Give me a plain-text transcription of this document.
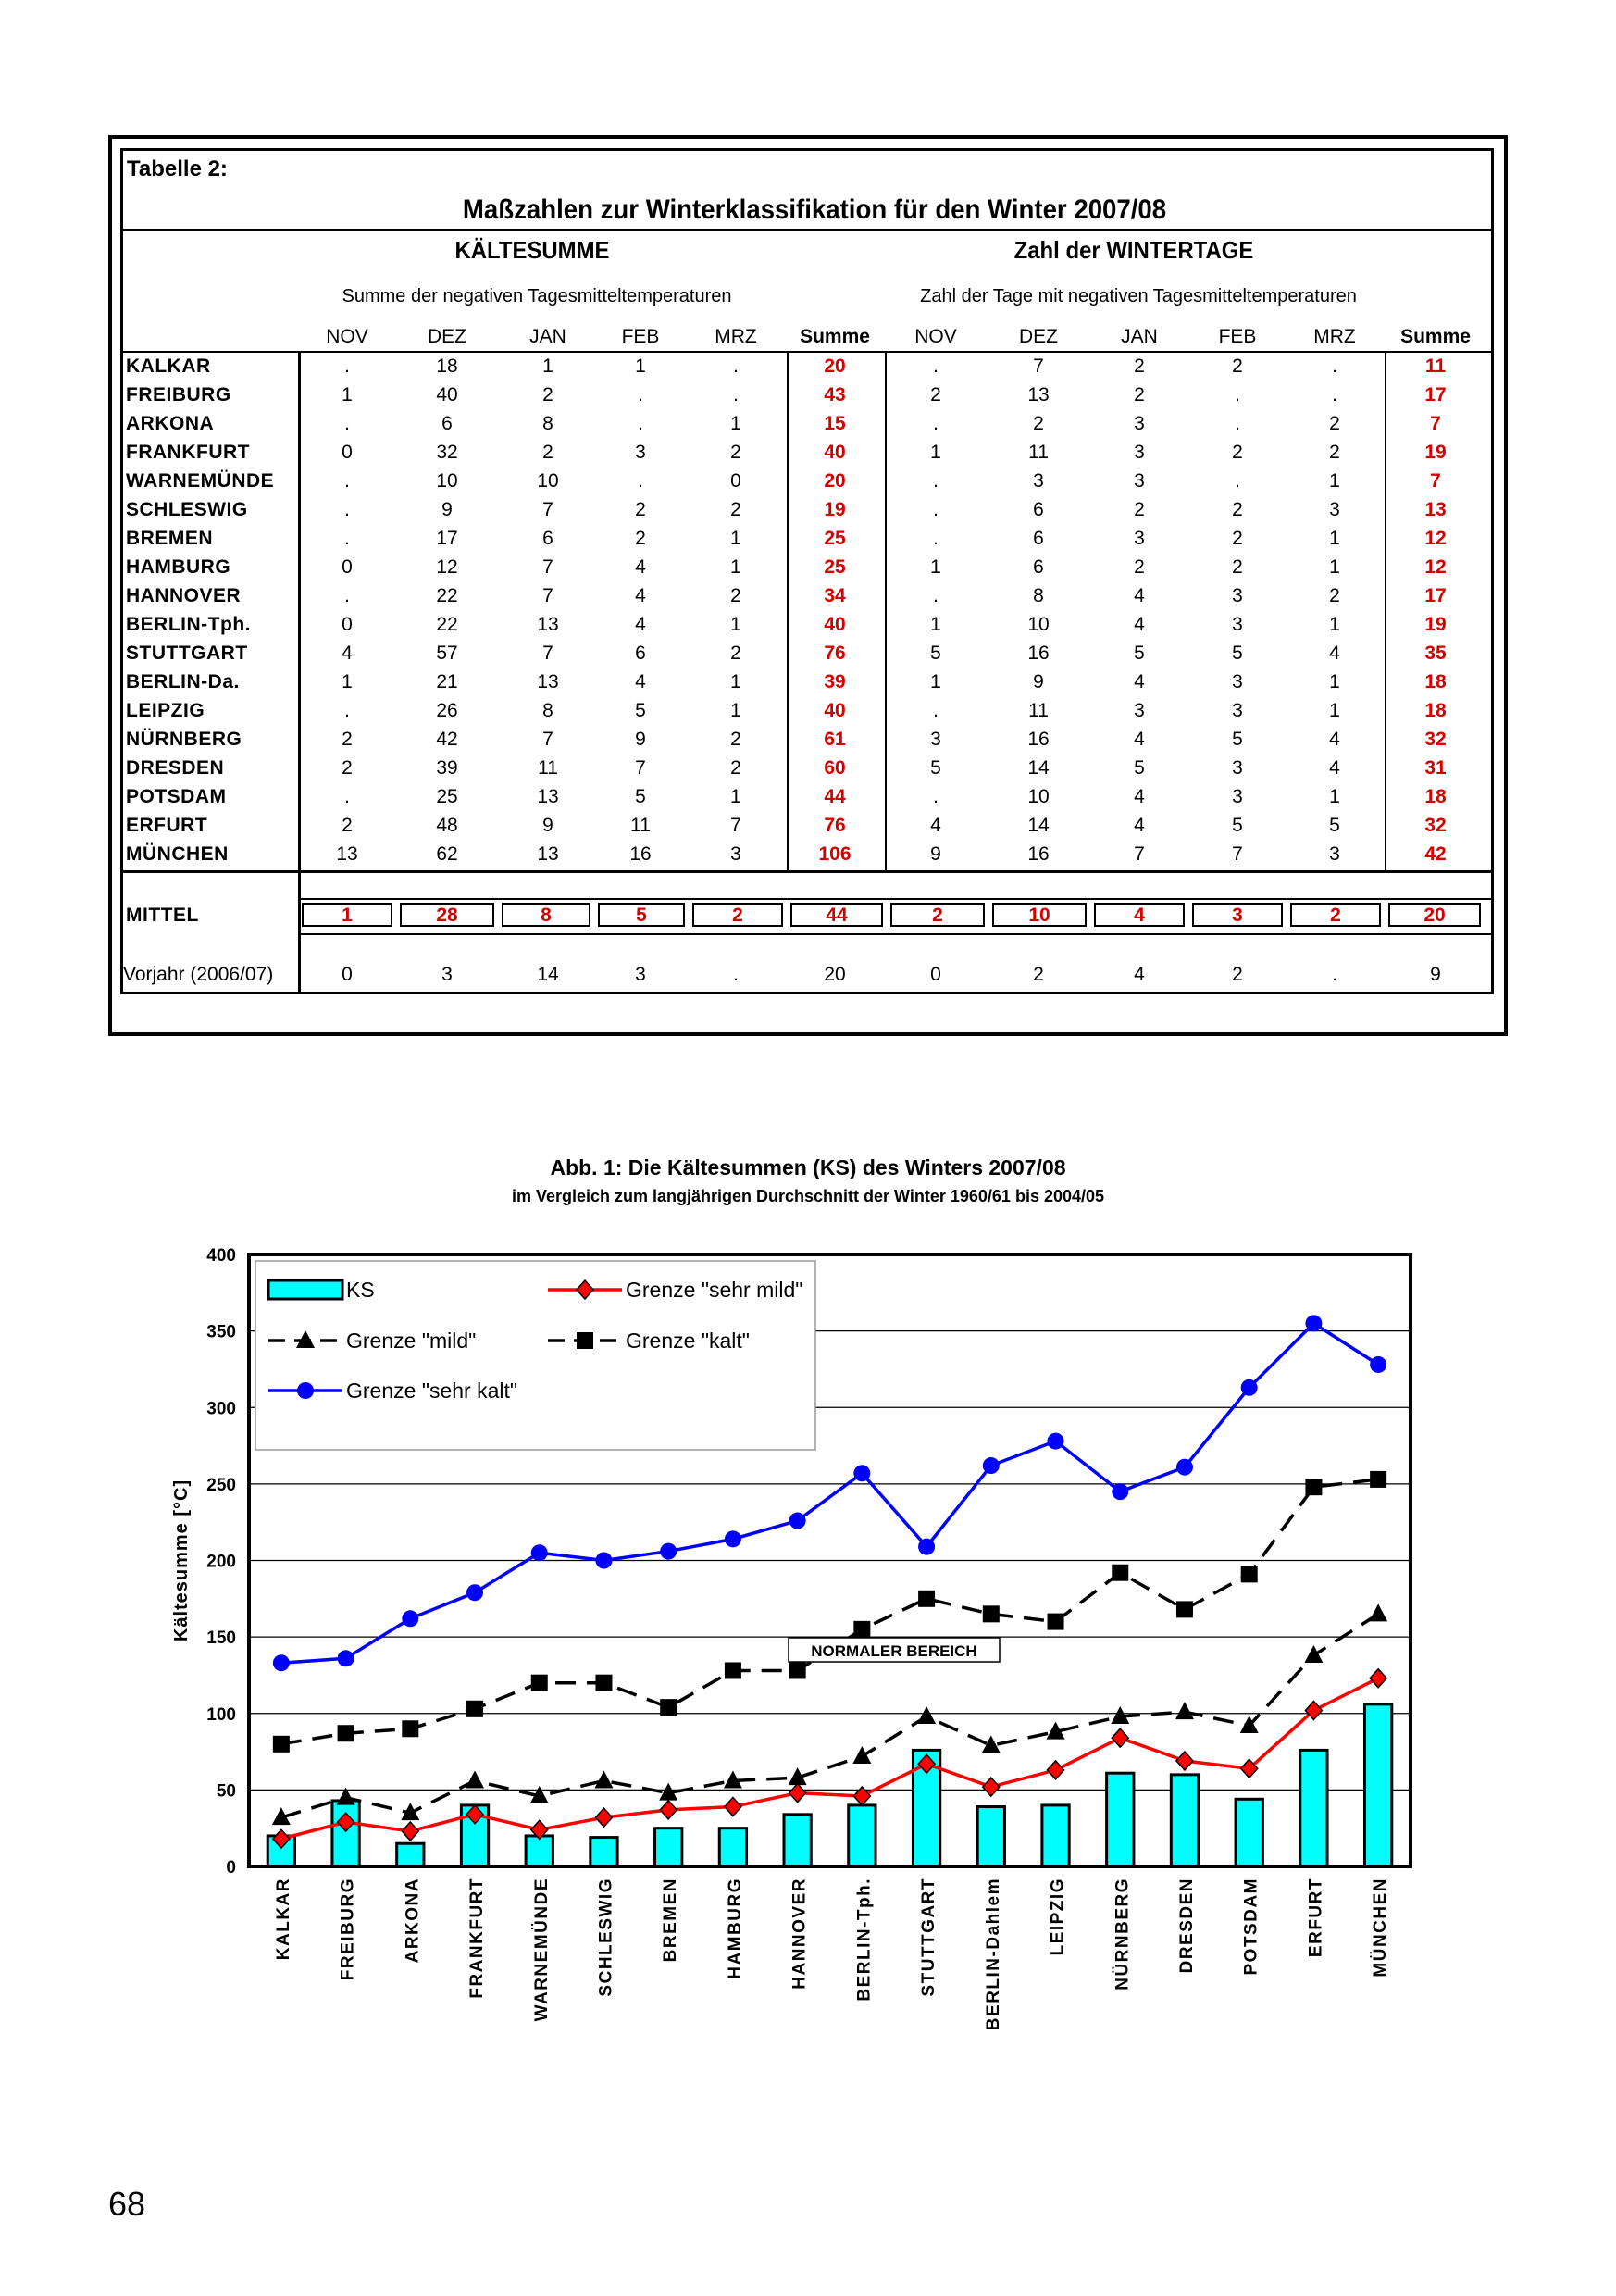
Tabelle 2:
Maßzahlen zur Winterklassifikation für den Winter 2007/08
KÄLTESUMME	Zahl der WINTERTAGE
Summe der negativen Tagesmitteltemperaturen	Zahl der Tage mit negativen Tagesmitteltemperaturen
NOV	DEZ	JAN	FEB	MRZ	Summe	NOV	DEZ	JAN	FEB	MRZ	Summe
KALKAR	.	18	1	1	.	20	.	7	2	2	.	11
FREIBURG	1	40	2	.	.	43	2	13	2	.	.	17
ARKONA	.	6	8	.	1	15	.	2	3	.	2	7
FRANKFURT	0	32	2	3	2	40	1	11	3	2	2	19
WARNEMÜNDE	.	10	10	.	0	20	.	3	3	.	1	7
SCHLESWIG	.	9	7	2	2	19	.	6	2	2	3	13
BREMEN	.	17	6	2	1	25	.	6	3	2	1	12
HAMBURG	0	12	7	4	1	25	1	6	2	2	1	12
HANNOVER	.	22	7	4	2	34	.	8	4	3	2	17
BERLIN-Tph.	0	22	13	4	1	40	1	10	4	3	1	19
STUTTGART	4	57	7	6	2	76	5	16	5	5	4	35
BERLIN-Da.	1	21	13	4	1	39	1	9	4	3	1	18
LEIPZIG	.	26	8	5	1	40	.	11	3	3	1	18
NÜRNBERG	2	42	7	9	2	61	3	16	4	5	4	32
DRESDEN	2	39	11	7	2	60	5	14	5	3	4	31
POTSDAM	.	25	13	5	1	44	.	10	4	3	1	18
ERFURT	2	48	9	11	7	76	4	14	4	5	5	32
MÜNCHEN	13	62	13	16	3	106	9	16	7	7	3	42
MITTEL	1	28	8	5	2	44	2	10	4	3	2	20
Vorjahr (2006/07)	0	3	14	3	.	20	0	2	4	2	.	9
Abb. 1: Die Kältesummen (KS) des Winters 2007/08
im Vergleich zum langjährigen Durchschnitt der Winter 1960/61 bis 2004/05
0
50
100
150
200
250
300
350
400
Kältesumme [°C]
NORMALER BEREICH
KS	Grenze "sehr mild"
Grenze "mild"	Grenze "kalt"
Grenze "sehr kalt"
KALKAR	FREIBURG	ARKONA	FRANKFURT	WARNEMÜNDE	SCHLESWIG	BREMEN	HAMBURG	HANNOVER	BERLIN-Tph.	STUTTGART	BERLIN-Dahlem	LEIPZIG	NÜRNBERG	DRESDEN	POTSDAM	ERFURT	MÜNCHEN
68
